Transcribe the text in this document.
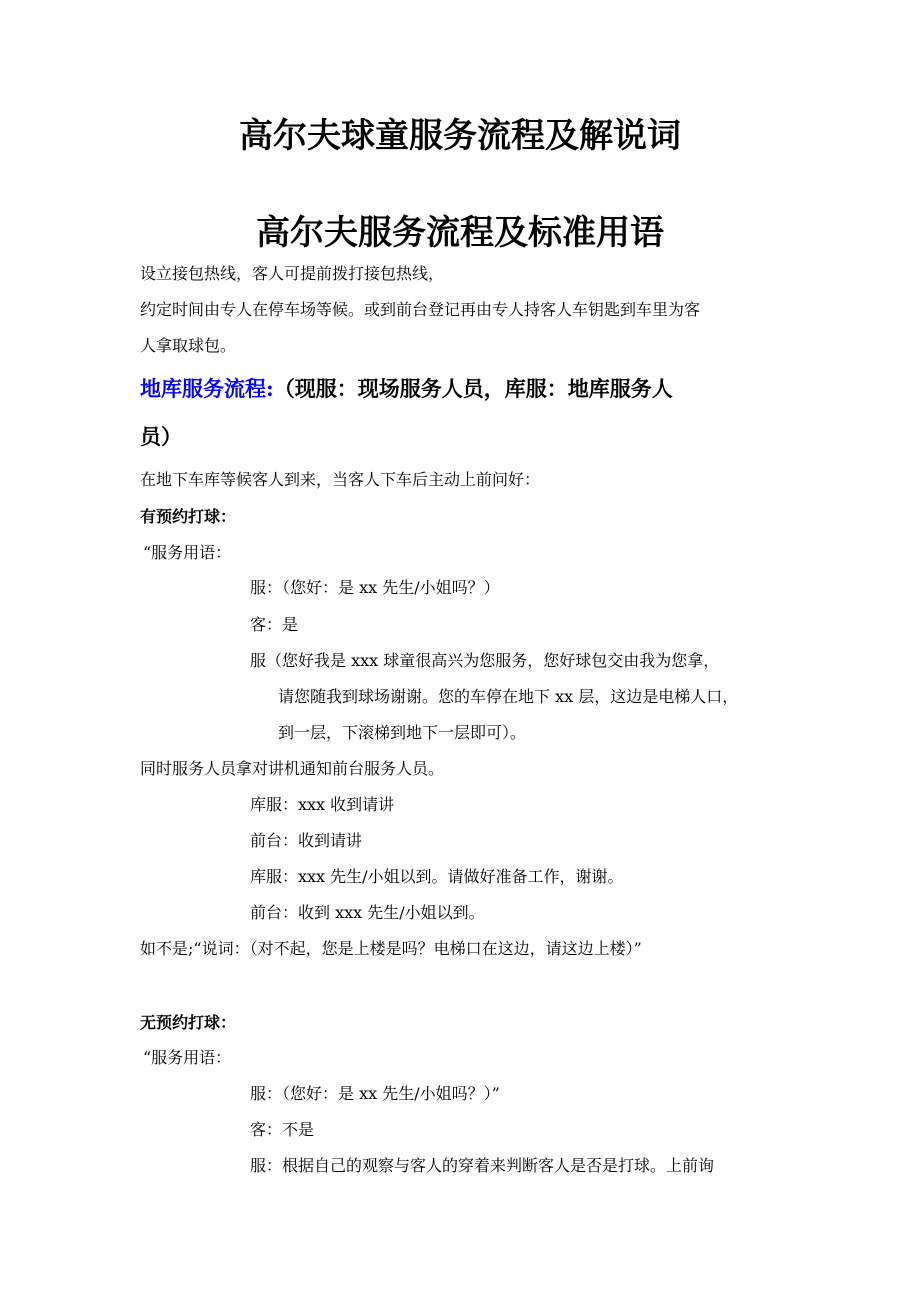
高尔夫球童服务流程及解说词
高尔夫服务流程及标准用语
设立接包热线，客人可提前拨打接包热线，
约定时间由专人在停车场等候。或到前台登记再由专人持客人车钥匙到车里为客
人拿取球包。
地库服务流程:（现服：现场服务人员，库服：地库服务人
员）
在地下车库等候客人到来，当客人下车后主动上前问好：
有预约打球：
“服务用语：
服：（您好：是 xx 先生/小姐吗？）
客：是
服（您好我是 xxx 球童很高兴为您服务，您好球包交由我为您拿，
请您随我到球场谢谢。您的车停在地下 xx 层，这边是电梯人口，
到一层，下滚梯到地下一层即可）。
同时服务人员拿对讲机通知前台服务人员。
库服：xxx 收到请讲
前台：收到请讲
库服：xxx 先生/小姐以到。请做好准备工作，谢谢。
前台：收到 xxx 先生/小姐以到。
如不是;“说词：（对不起，您是上楼是吗？电梯口在这边，请这边上楼）”
无预约打球：
“服务用语：
服：（您好：是 xx 先生/小姐吗？）”
客：不是
服：根据自己的观察与客人的穿着来判断客人是否是打球。上前询
